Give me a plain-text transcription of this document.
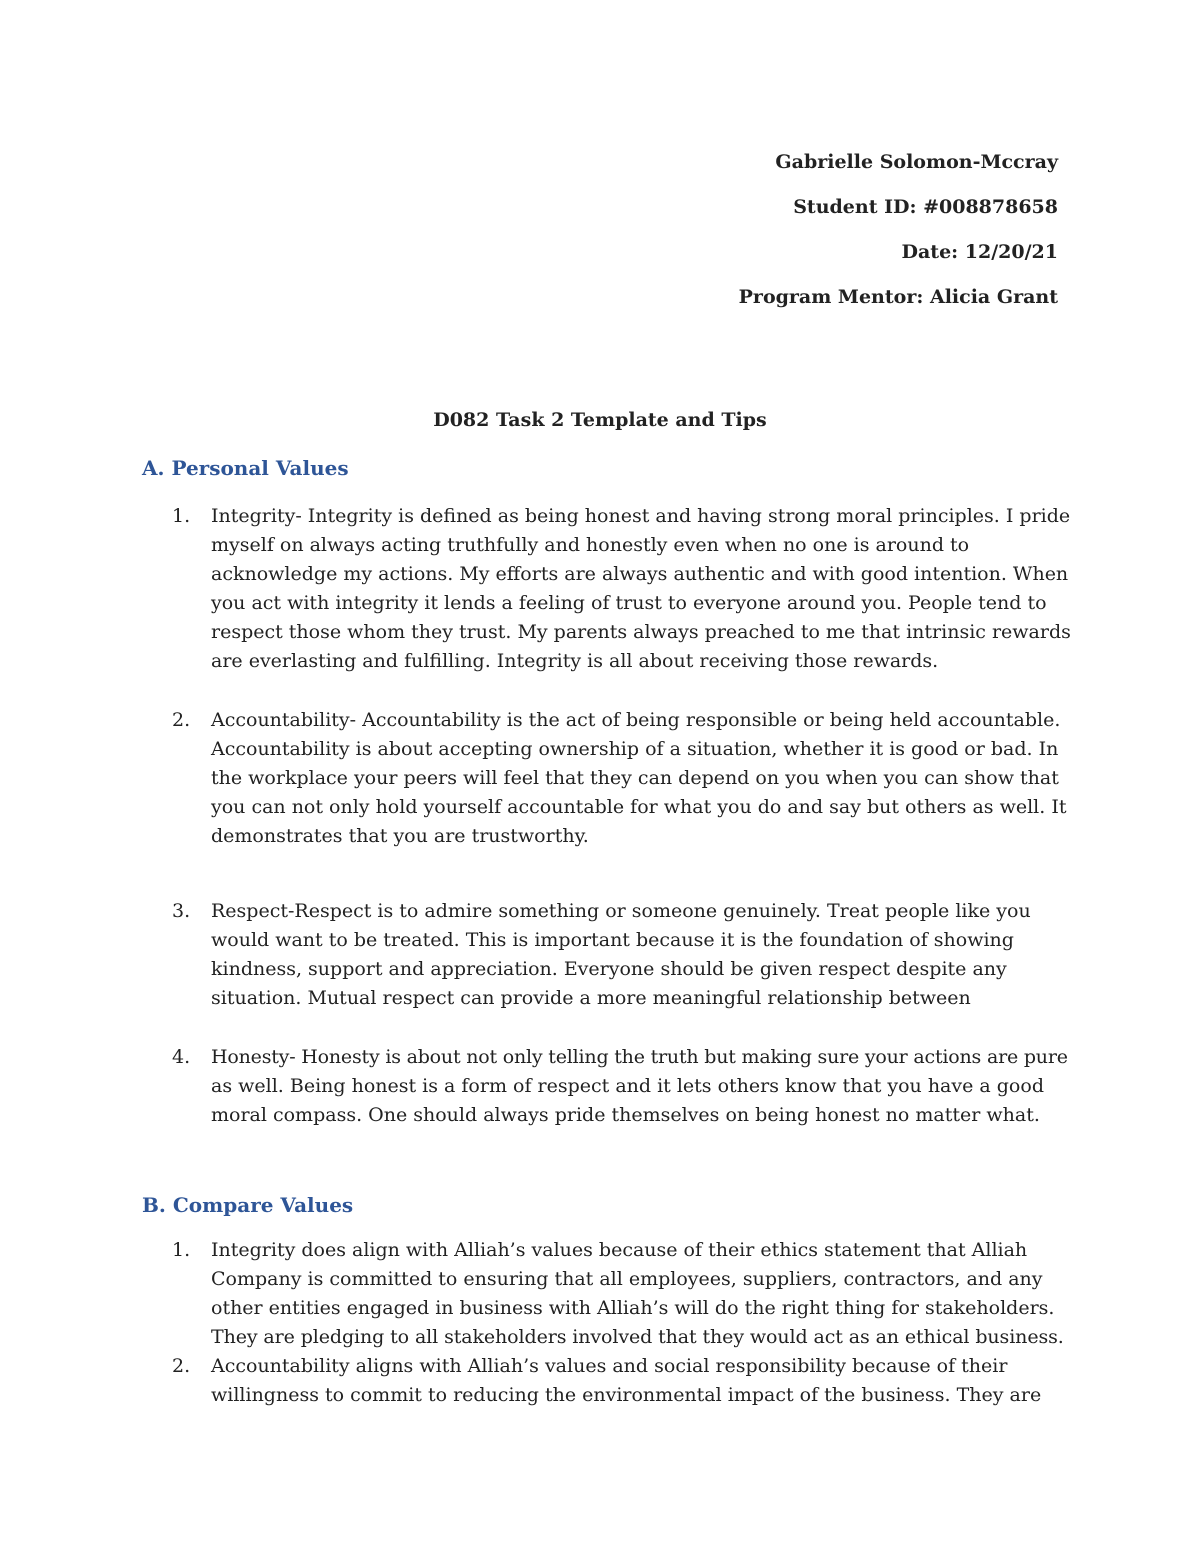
Gabrielle Solomon-Mccray
Student ID: #008878658
Date: 12/20/21
Program Mentor: Alicia Grant
D082 Task 2 Template and Tips
A. Personal Values
1.	Integrity- Integrity is defined as being honest and having strong moral principles. I pride
myself on always acting truthfully and honestly even when no one is around to
acknowledge my actions. My efforts are always authentic and with good intention. When
you act with integrity it lends a feeling of trust to everyone around you. People tend to
respect those whom they trust. My parents always preached to me that intrinsic rewards
are everlasting and fulfilling. Integrity is all about receiving those rewards.
2.	Accountability- Accountability is the act of being responsible or being held accountable.
Accountability is about accepting ownership of a situation, whether it is good or bad. In
the workplace your peers will feel that they can depend on you when you can show that
you can not only hold yourself accountable for what you do and say but others as well. It
demonstrates that you are trustworthy.
3.	Respect-Respect is to admire something or someone genuinely. Treat people like you
would want to be treated. This is important because it is the foundation of showing
kindness, support and appreciation. Everyone should be given respect despite any
situation. Mutual respect can provide a more meaningful relationship between
4.	Honesty- Honesty is about not only telling the truth but making sure your actions are pure
as well. Being honest is a form of respect and it lets others know that you have a good
moral compass. One should always pride themselves on being honest no matter what.
B. Compare Values
1.	Integrity does align with Alliah’s values because of their ethics statement that Alliah
Company is committed to ensuring that all employees, suppliers, contractors, and any
other entities engaged in business with Alliah’s will do the right thing for stakeholders.
They are pledging to all stakeholders involved that they would act as an ethical business.
2.	Accountability aligns with Alliah’s values and social responsibility because of their
willingness to commit to reducing the environmental impact of the business. They are
